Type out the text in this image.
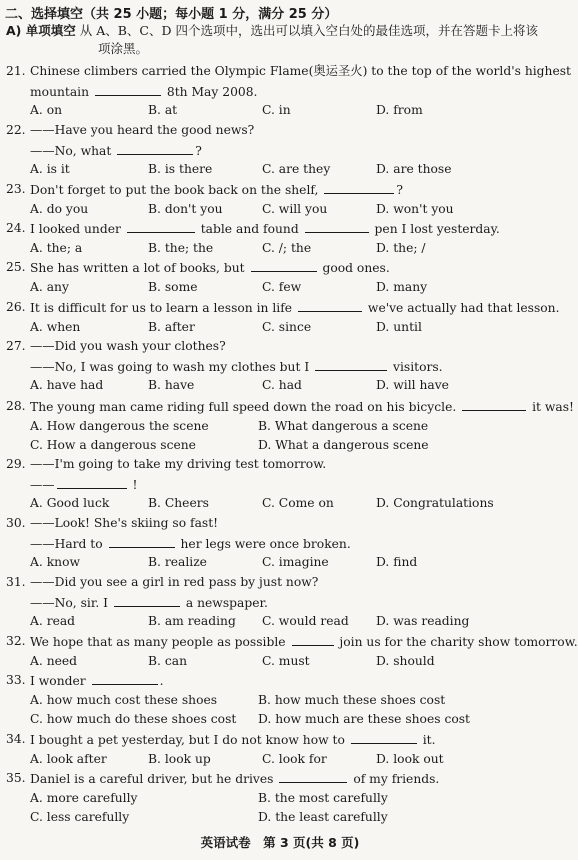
二、选择填空（共 25 小题；每小题 1 分，满分 25 分）
A) 单项填空 从 A、B、C、D 四个选项中，选出可以填入空白处的最佳选项，并在答题卡上将该
项涂黑。
21. Chinese climbers carried the Olympic Flame(奥运圣火) to the top of the world's highest
mountain	8th May 2008.
A. on	B. at	C. in	D. from
22. ——Have you heard the good news?
——No, what	?
A. is it	B. is there	C. are they	D. are those
23. Don't forget to put the book back on the shelf,	?
A. do you	B. don't you	C. will you	D. won't you
24. I looked under	table and found	pen I lost yesterday.
A. the; a	B. the; the	C. /; the	D. the; /
25. She has written a lot of books, but	good ones.
A. any	B. some	C. few	D. many
26. It is difficult for us to learn a lesson in life	we've actually had that lesson.
A. when	B. after	C. since	D. until
27. ——Did you wash your clothes?
——No, I was going to wash my clothes but I	visitors.
A. have had	B. have	C. had	D. will have
28. The young man came riding full speed down the road on his bicycle.	it was!
A. How dangerous the scene	B. What dangerous a scene
C. How a dangerous scene	D. What a dangerous scene
29. ——I'm going to take my driving test tomorrow.
——	!
A. Good luck	B. Cheers	C. Come on	D. Congratulations
30. ——Look! She's skiing so fast!
——Hard to	her legs were once broken.
A. know	B. realize	C. imagine	D. find
31. ——Did you see a girl in red pass by just now?
——No, sir. I	a newspaper.
A. read	B. am reading C. would read D. was reading
32. We hope that as many people as possible	join us for the charity show tomorrow.
A. need	B. can	C. must	D. should
33. I wonder	.
A. how much cost these shoes	B. how much these shoes cost
C. how much do these shoes cost D. how much are these shoes cost
34. I bought a pet yesterday, but I do not know how to	it.
A. look after	B. look up	C. look for	D. look out
35. Daniel is a careful driver, but he drives	of my friends.
A. more carefully	B. the most carefully
C. less carefully	D. the least carefully
英语试卷　第 3 页(共 8 页)
